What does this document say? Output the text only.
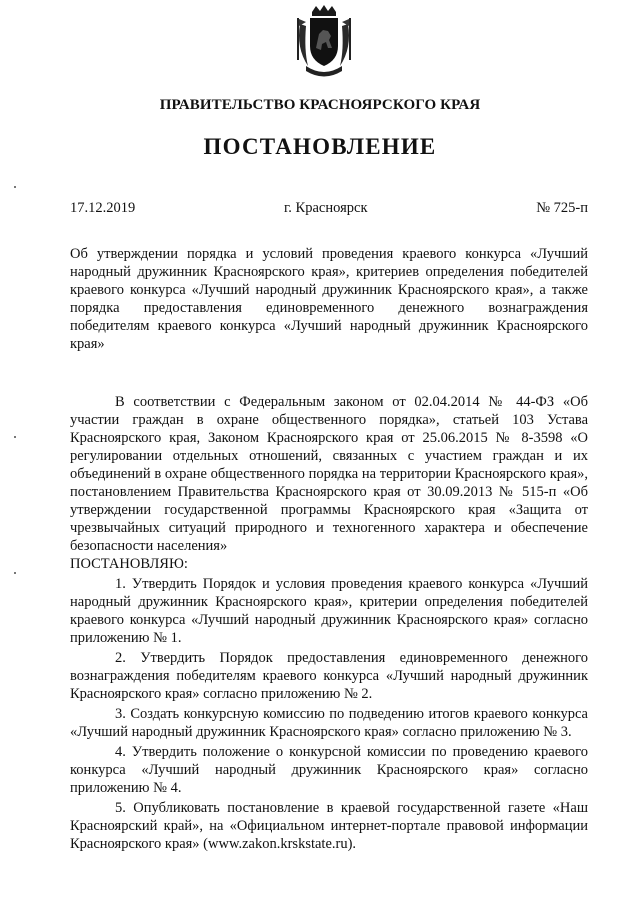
ПРАВИТЕЛЬСТВО КРАСНОЯРСКОГО КРАЯ
ПОСТАНОВЛЕНИЕ
17.12.2019	г. Красноярск	№ 725-п
Об утверждении порядка и условий проведения краевого конкурса «Лучший народный дружинник Красноярского края», критериев определения победителей краевого конкурса «Лучший народный дружинник Красноярского края», а также порядка предоставления единовременного денежного вознаграждения победителям краевого конкурса «Лучший народный дружинник Красноярского края»

В соответствии с Федеральным законом от 02.04.2014 № 44-ФЗ «Об участии граждан в охране общественного порядка», статьей 103 Устава Красноярского края, Законом Красноярского края от 25.06.2015 № 8-3598 «О регулировании отдельных отношений, связанных с участием граждан и их объединений в охране общественного порядка на территории Красноярского края», постановлением Правительства Красноярского края от 30.09.2013 № 515-п «Об утверждении государственной программы Красноярского края «Защита от чрезвычайных ситуаций природного и техногенного характера и обеспечение безопасности населения»

ПОСТАНОВЛЯЮ:

1. Утвердить Порядок и условия проведения краевого конкурса «Лучший народный дружинник Красноярского края», критерии определения победителей краевого конкурса «Лучший народный дружинник Красноярского края» согласно приложению № 1.

2. Утвердить Порядок предоставления единовременного денежного вознаграждения победителям краевого конкурса «Лучший народный дружинник Красноярского края» согласно приложению № 2.

3. Создать конкурсную комиссию по подведению итогов краевого конкурса «Лучший народный дружинник Красноярского края» согласно приложению № 3.

4. Утвердить положение о конкурсной комиссии по проведению краевого конкурса «Лучший народный дружинник Красноярского края» согласно приложению № 4.

5. Опубликовать постановление в краевой государственной газете «Наш Красноярский край», на «Официальном интернет-портале правовой информации Красноярского края» (www.zakon.krskstate.ru).
